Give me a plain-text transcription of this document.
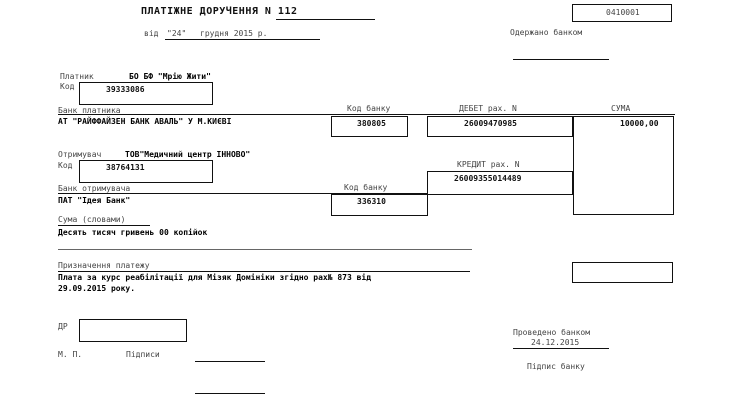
ПЛАТІЖНЕ ДОРУЧЕННЯ N 112	0410001
від "24" грудня 2015 р.	Одержано банком
Платник	БО БФ "Мрію Жити"
Код	39333086
Банк платника	Код банку	ДЕБЕТ рах. N	СУМА
АТ "РАЙФФАЙЗЕН БАНК АВАЛЬ" У М.КИЄВІ	380805	26009470985	10000,00
Отримувач	ТОВ"Медичний центр ІННОВО"
Код	38764131	КРЕДИТ рах. N
26009355014489
Банк отримувача	Код банку
ПАТ "Ідея Банк"	336310
Сума (словами)
Десять тисяч гривень 00 копійок
Призначення платежу
Плата за курс реабілітації для Мізяк Домініки згідно рах№ 873 від
29.09.2015 року.
ДР
М. П.	Підписи
Проведено банком
24.12.2015
Підпис банку
